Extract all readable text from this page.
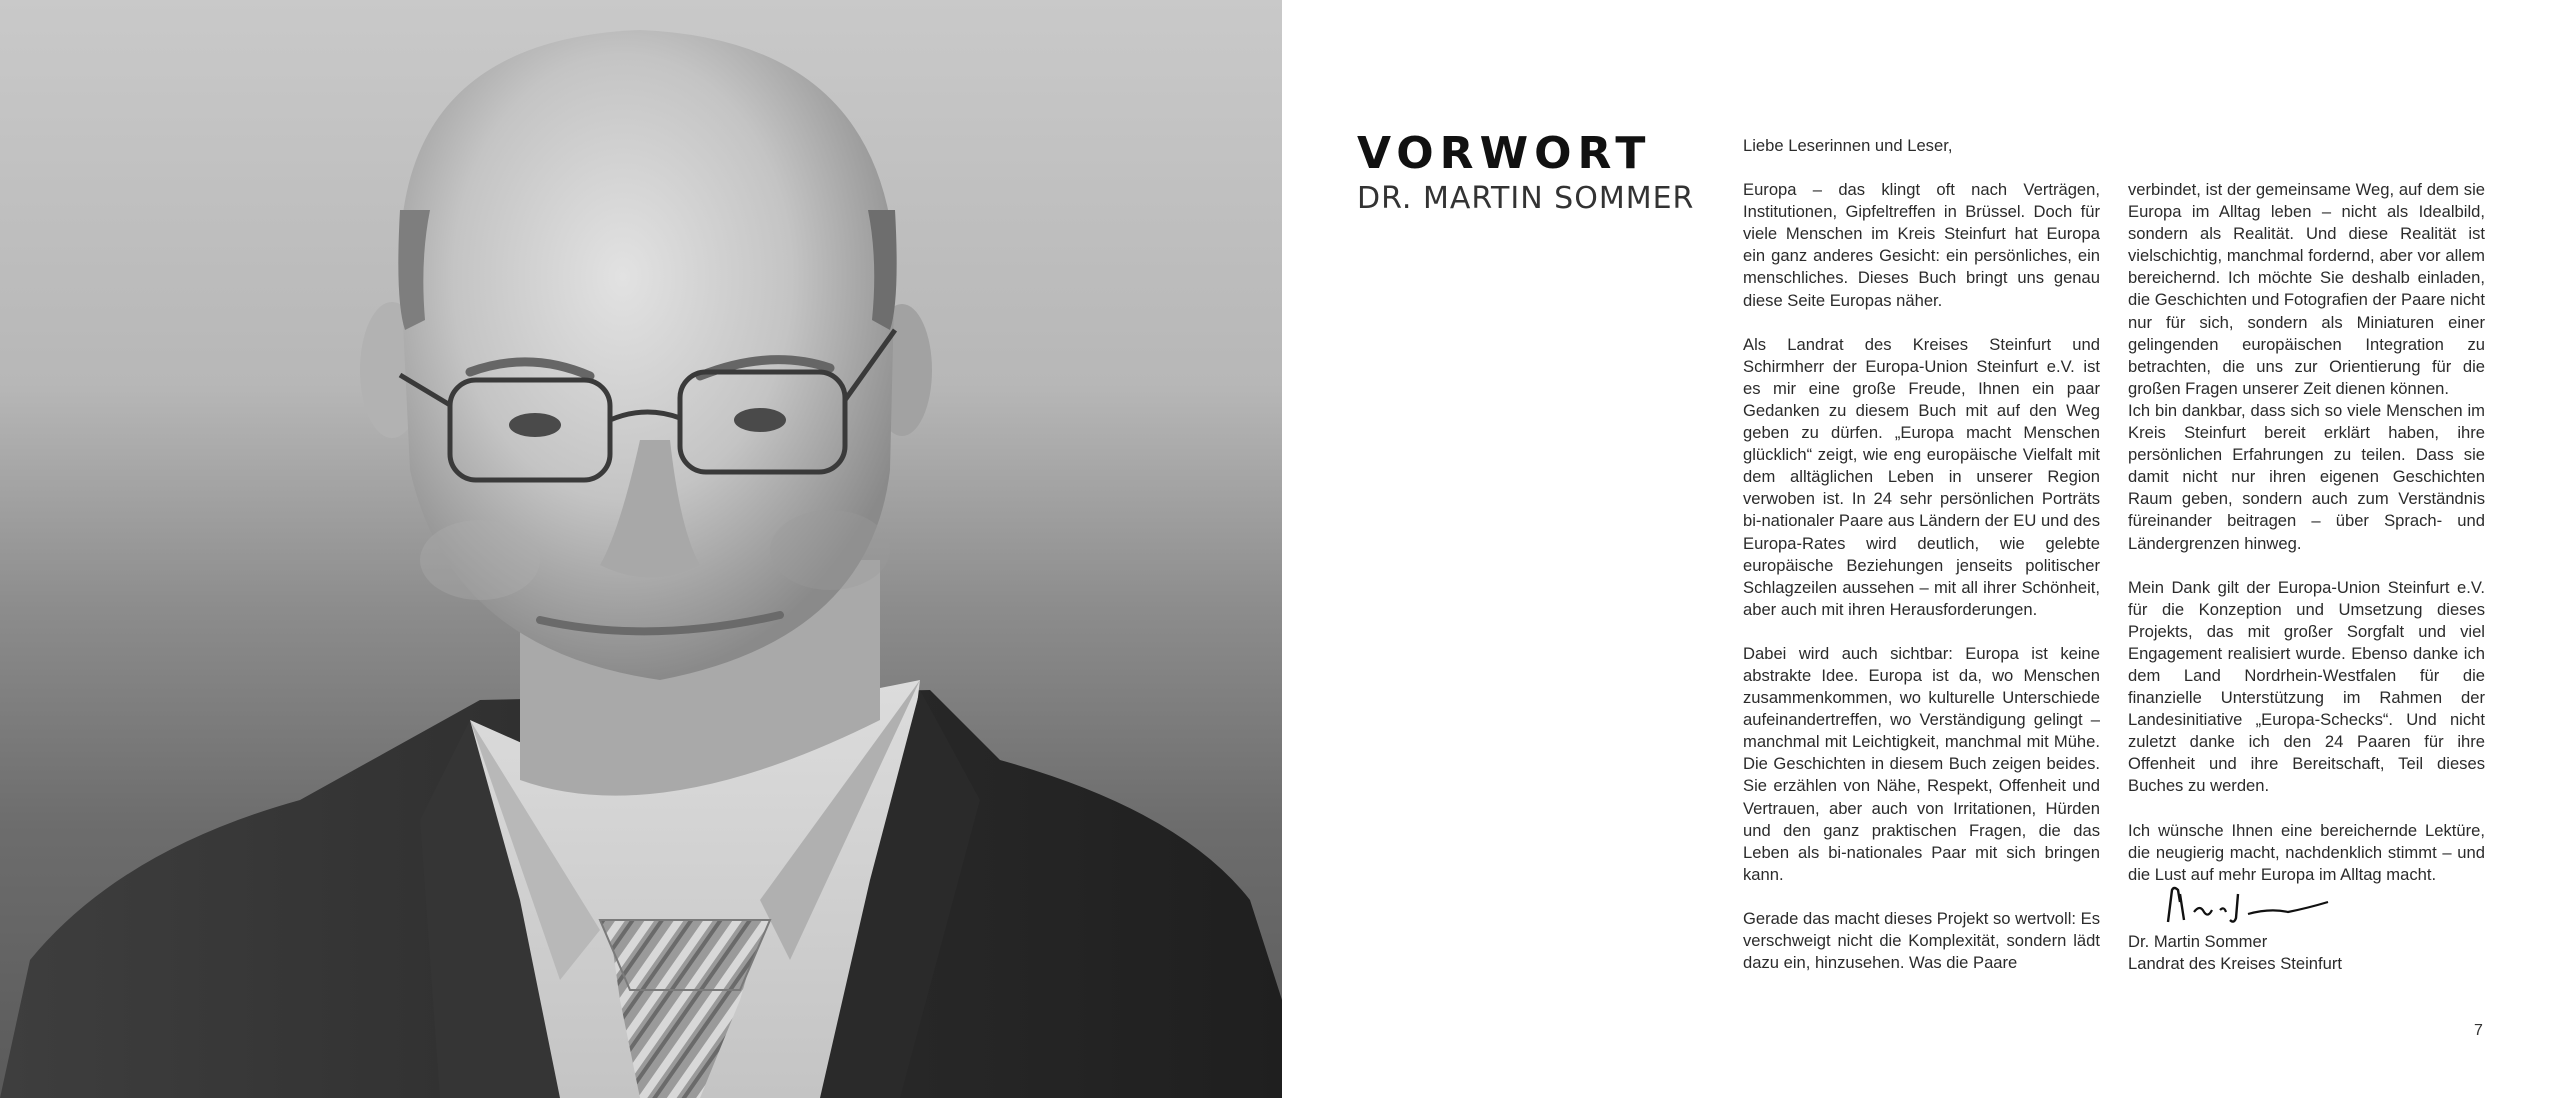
VORWORT
DR. MARTIN SOMMER

Liebe Leserinnen und Leser,

Europa – das klingt oft nach Verträgen, Institutionen, Gipfeltreffen in Brüssel. Doch für viele Menschen im Kreis Steinfurt hat Europa ein ganz anderes Gesicht: ein persönliches, ein menschliches. Dieses Buch bringt uns genau diese Seite Europas näher.

Als Landrat des Kreises Steinfurt und Schirmherr der Europa-Union Steinfurt e.V. ist es mir eine große Freude, Ihnen ein paar Gedanken zu diesem Buch mit auf den Weg geben zu dürfen. „Europa macht Menschen glücklich“ zeigt, wie eng europäische Vielfalt mit dem alltäglichen Leben in unserer Region verwoben ist. In 24 sehr persönlichen Porträts bi-nationaler Paare aus Ländern der EU und des Europa-Rates wird deutlich, wie gelebte europäische Beziehungen jenseits politischer Schlagzeilen aussehen – mit all ihrer Schönheit, aber auch mit ihren Herausforderungen.

Dabei wird auch sichtbar: Europa ist keine abstrakte Idee. Europa ist da, wo Menschen zusammenkommen, wo kulturelle Unterschiede aufeinandertreffen, wo Verständigung gelingt – manchmal mit Leichtigkeit, manchmal mit Mühe. Die Geschichten in diesem Buch zeigen beides. Sie erzählen von Nähe, Respekt, Offenheit und Vertrauen, aber auch von Irritationen, Hürden und den ganz praktischen Fragen, die das Leben als bi-nationales Paar mit sich bringen kann.

Gerade das macht dieses Projekt so wertvoll: Es verschweigt nicht die Komplexität, sondern lädt dazu ein, hinzusehen. Was die Paare

verbindet, ist der gemeinsame Weg, auf dem sie Europa im Alltag leben – nicht als Idealbild, sondern als Realität. Und diese Realität ist vielschichtig, manchmal fordernd, aber vor allem bereichernd. Ich möchte Sie deshalb einladen, die Geschichten und Fotografien der Paare nicht nur für sich, sondern als Miniaturen einer gelingenden europäischen Integration zu betrachten, die uns zur Orientierung für die großen Fragen unserer Zeit dienen können.

Ich bin dankbar, dass sich so viele Menschen im Kreis Steinfurt bereit erklärt haben, ihre persönlichen Erfahrungen zu teilen. Dass sie damit nicht nur ihren eigenen Geschichten Raum geben, sondern auch zum Verständnis füreinander beitragen – über Sprach- und Ländergrenzen hinweg.

Mein Dank gilt der Europa-Union Steinfurt e.V. für die Konzeption und Umsetzung dieses Projekts, das mit großer Sorgfalt und viel Engagement realisiert wurde. Ebenso danke ich dem Land Nordrhein-Westfalen für die finanzielle Unterstützung im Rahmen der Landesinitiative „Europa-Schecks“. Und nicht zuletzt danke ich den 24 Paaren für ihre Offenheit und ihre Bereitschaft, Teil dieses Buches zu werden.

Ich wünsche Ihnen eine bereichernde Lektüre, die neugierig macht, nachdenklich stimmt – und die Lust auf mehr Europa im Alltag macht.

Dr. Martin Sommer
Landrat des Kreises Steinfurt
7
